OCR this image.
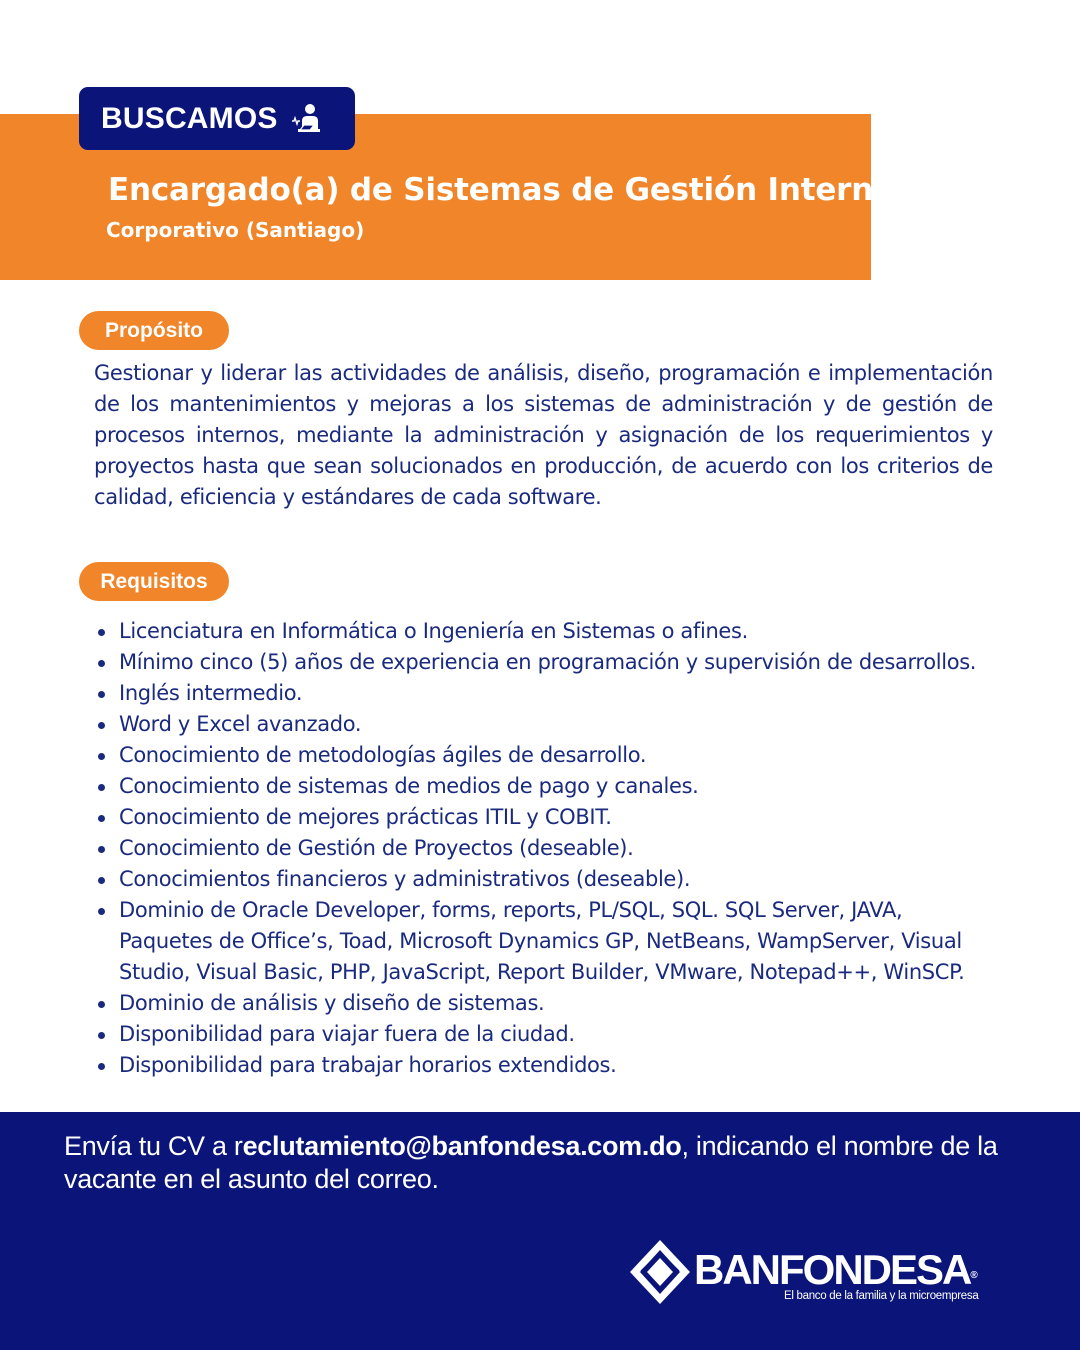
BUSCAMOS
Encargado(a) de Sistemas de Gestión Interna
Corporativo (Santiago)
Propósito

Gestionar y liderar las actividades de análisis, diseño, programación e implementación de los mantenimientos y mejoras a los sistemas de administración y de gestión de procesos internos, mediante la administración y asignación de los requerimientos y proyectos hasta que sean solucionados en producción, de acuerdo con los criterios de calidad, eficiencia y estándares de cada software.

Requisitos
Licenciatura en Informática o Ingeniería en Sistemas o afines.
Mínimo cinco (5) años de experiencia en programación y supervisión de desarrollos.
Inglés intermedio.
Word y Excel avanzado.
Conocimiento de metodologías ágiles de desarrollo.
Conocimiento de sistemas de medios de pago y canales.
Conocimiento de mejores prácticas ITIL y COBIT.
Conocimiento de Gestión de Proyectos (deseable).
Conocimientos financieros y administrativos (deseable).
Dominio de Oracle Developer, forms, reports, PL/SQL, SQL. SQL Server, JAVA, Paquetes de Office’s, Toad, Microsoft Dynamics GP, NetBeans, WampServer, Visual Studio, Visual Basic, PHP, JavaScript, Report Builder, VMware, Notepad++, WinSCP.
Dominio de análisis y diseño de sistemas.
Disponibilidad para viajar fuera de la ciudad.
Disponibilidad para trabajar horarios extendidos.

Envía tu CV a reclutamiento@banfondesa.com.do, indicando el nombre de la vacante en el asunto del correo.

BANFONDESA®
El banco de la familia y la microempresa
